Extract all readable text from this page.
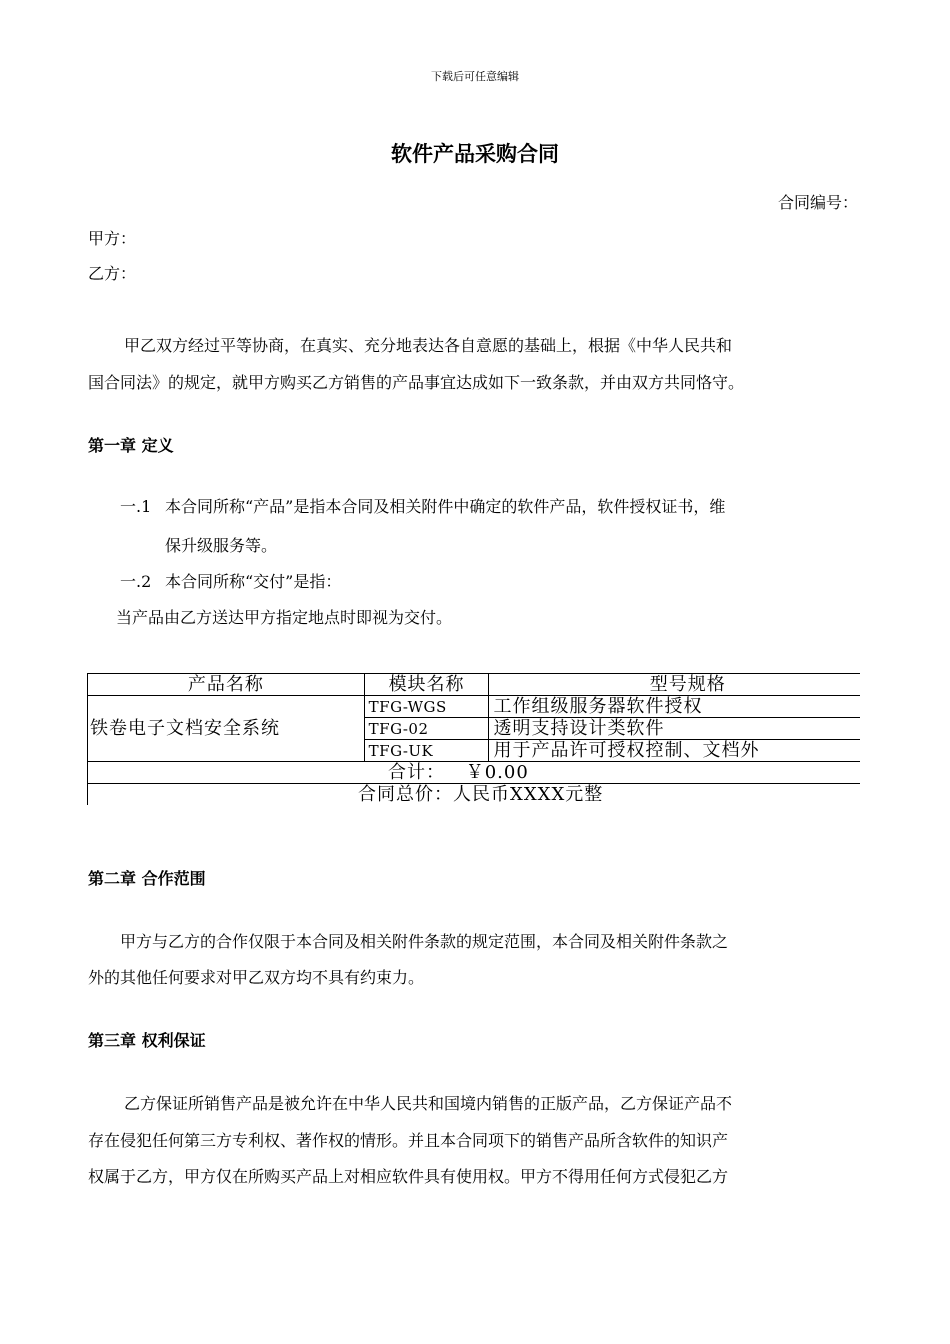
下载后可任意编辑
软件产品采购合同
合同编号：
甲方：
乙方：
甲乙双方经过平等协商，在真实、充分地表达各自意愿的基础上，根据《中华人民共和
国合同法》的规定，就甲方购买乙方销售的产品事宜达成如下一致条款，并由双方共同恪守。
第一章 定义
一.1 本合同所称“产品”是指本合同及相关附件中确定的软件产品，软件授权证书，维
保升级服务等。
一.2 本合同所称“交付”是指：
当产品由乙方送达甲方指定地点时即视为交付。
产品名称	模块名称	型号规格
铁卷电子文档安全系统	TFG-WGS	工作组级服务器软件授权
	TFG-02	透明支持设计类软件
	TFG-UK	用于产品许可授权控制、文档外
合计： ￥0.00		
合同总价：人民币XXXX元整		
第二章 合作范围
甲方与乙方的合作仅限于本合同及相关附件条款的规定范围，本合同及相关附件条款之
外的其他任何要求对甲乙双方均不具有约束力。
第三章 权利保证
乙方保证所销售产品是被允许在中华人民共和国境内销售的正版产品，乙方保证产品不
存在侵犯任何第三方专利权、著作权的情形。并且本合同项下的销售产品所含软件的知识产
权属于乙方，甲方仅在所购买产品上对相应软件具有使用权。甲方不得用任何方式侵犯乙方
